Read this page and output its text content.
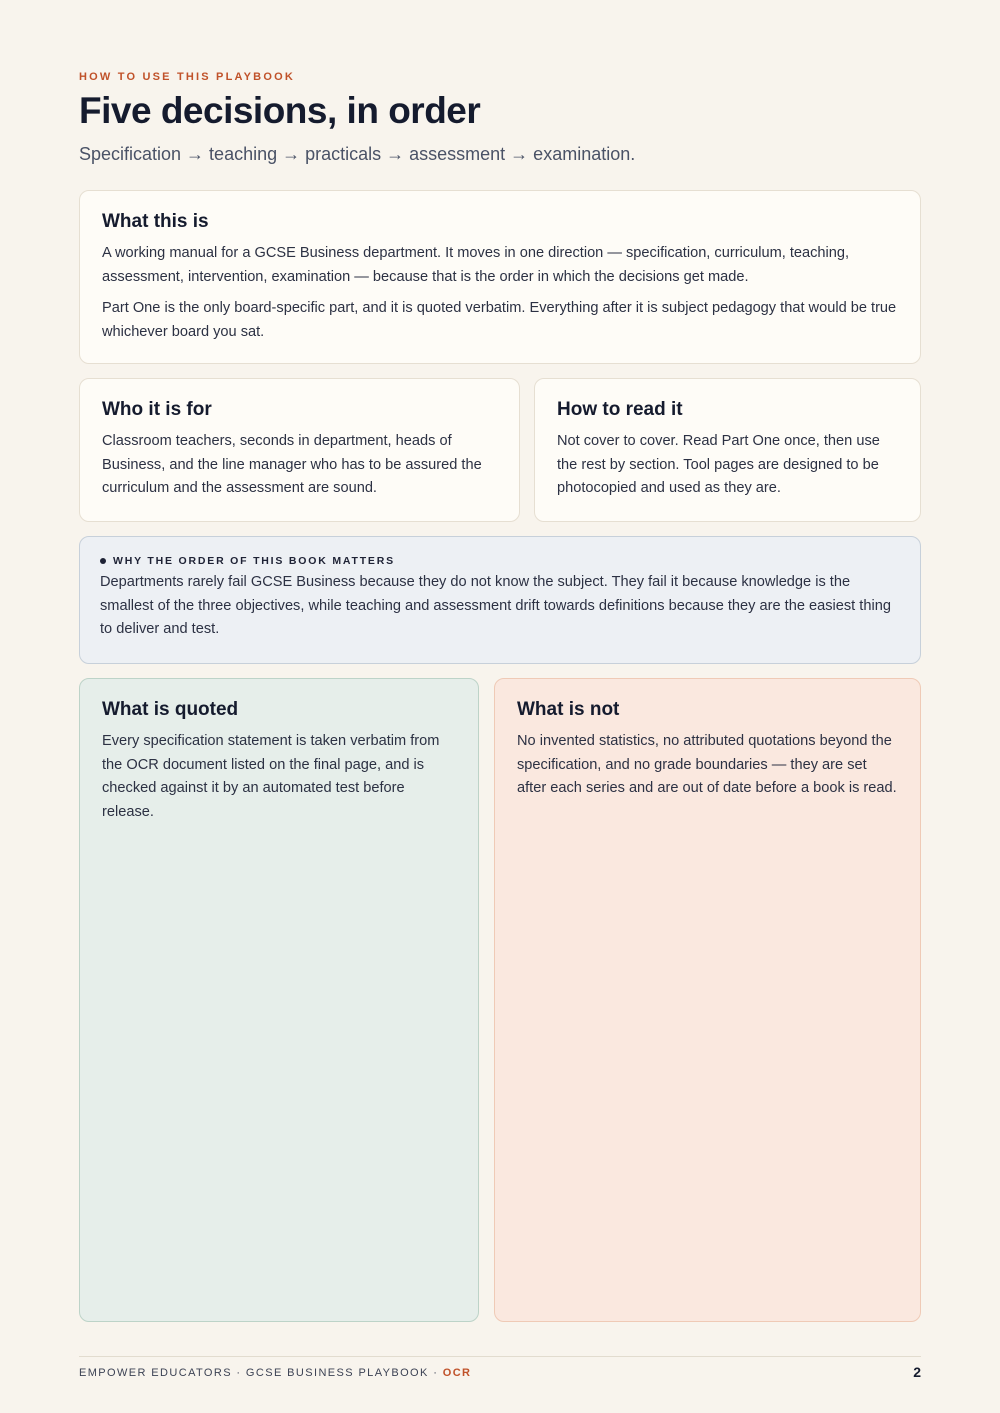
HOW TO USE THIS PLAYBOOK
Five decisions, in order
Specification → teaching → practicals → assessment → examination.
What this is

A working manual for a GCSE Business department. It moves in one direction — specification, curriculum, teaching, assessment, intervention, examination — because that is the order in which the decisions get made.

Part One is the only board-specific part, and it is quoted verbatim. Everything after it is subject pedagogy that would be true whichever board you sat.

Who it is for

Classroom teachers, seconds in department, heads of Business, and the line manager who has to be assured the curriculum and the assessment are sound.

How to read it

Not cover to cover. Read Part One once, then use the rest by section. Tool pages are designed to be photocopied and used as they are.

WHY THE ORDER OF THIS BOOK MATTERS

Departments rarely fail GCSE Business because they do not know the subject. They fail it because knowledge is the smallest of the three objectives, while teaching and assessment drift towards definitions because they are the easiest thing to deliver and test.

What is quoted

Every specification statement is taken verbatim from the OCR document listed on the final page, and is checked against it by an automated test before release.

What is not

No invented statistics, no attributed quotations beyond the specification, and no grade boundaries — they are set after each series and are out of date before a book is read.

EMPOWER EDUCATORS · GCSE BUSINESS PLAYBOOK · OCR	2
